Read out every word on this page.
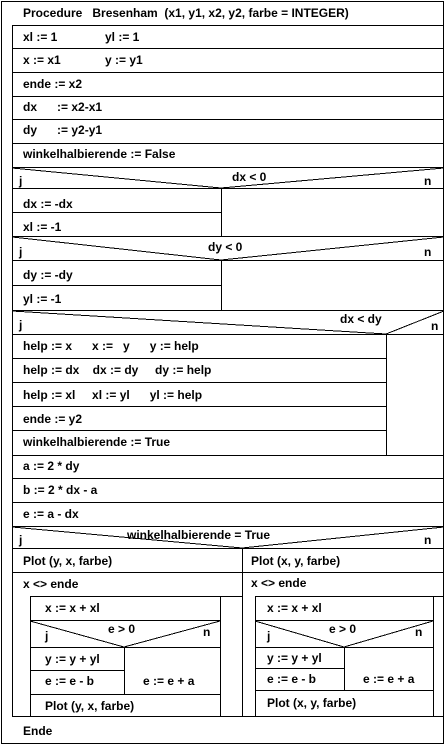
Procedure   Bresenham  (x1, y1, x2, y2, farbe = INTEGER)
Ende
xl := 1	yl := 1
x := x1	y := y1
ende := x2
dx      := x2-x1
dy      := y2-y1
winkelhalbierende := False
j	dx < 0	n
dx := -dx
xl := -1
j	dy < 0	n
dy := -dy
yl := -1
j	dx < dy	n
help := x      x :=   y      y := help
help := dx    dx := dy     dy := help
help := xl     xl := yl      yl := help
ende := y2
winkelhalbierende := True
a := 2 * dy
b := 2 * dx - a
e := a - dx
j	winkelhalbierende = True	n
Plot (y, x, farbe)
x <> ende
x := x + xl
j	e > 0	n
y := y + yl
e := e - b	e := e + a
Plot (y, x, farbe)
Plot (x, y, farbe)
x <> ende
x := x + xl
j	e > 0	n
y := y + yl
e := e - b	e := e + a
Plot (x, y, farbe)
